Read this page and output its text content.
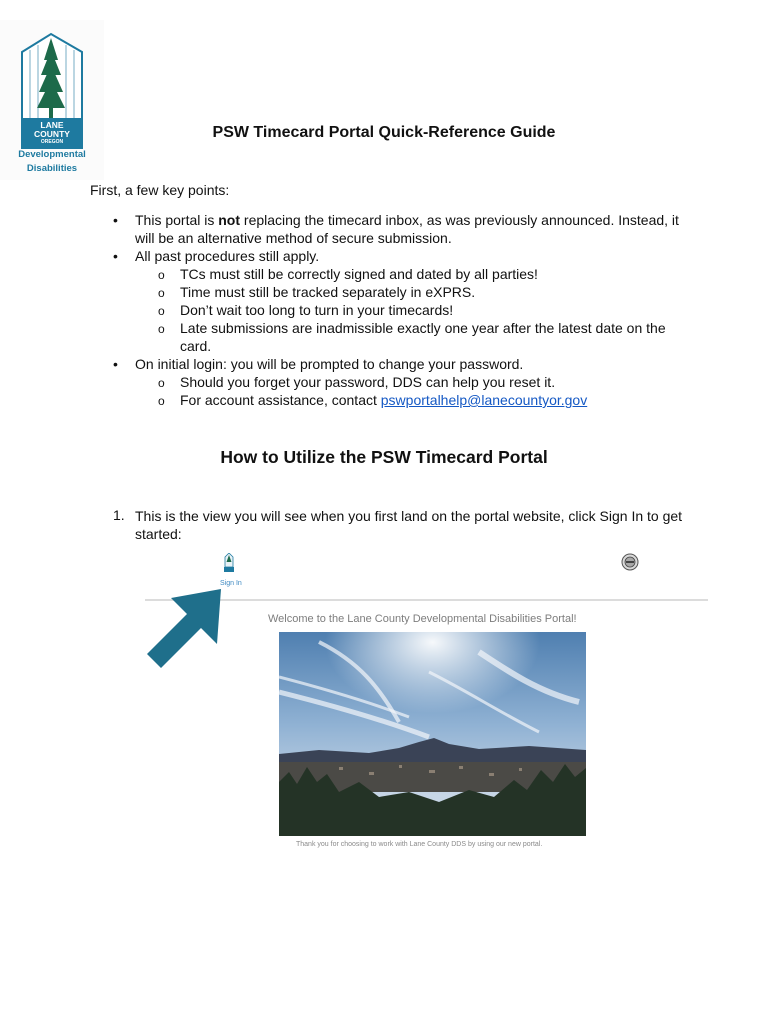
LANE
COUNTY
OREGON
Developmental
Disabilities
PSW Timecard Portal Quick-Reference Guide
First, a few key points:
• This portal is not replacing the timecard inbox, as was previously announced. Instead, it will be an alternative method of secure submission.
• All past procedures still apply.
o TCs must still be correctly signed and dated by all parties!
o Time must still be tracked separately in eXPRS.
o Don’t wait too long to turn in your timecards!
o Late submissions are inadmissible exactly one year after the latest date on the card.
• On initial login: you will be prompted to change your password.
o Should you forget your password, DDS can help you reset it.
o For account assistance, contact pswportalhelp@lanecountyor.gov
How to Utilize the PSW Timecard Portal
1. This is the view you will see when you first land on the portal website, click Sign In to get started:
Sign In
Welcome to the Lane County Developmental Disabilities Portal!
Thank you for choosing to work with Lane County DDS by using our new portal.
